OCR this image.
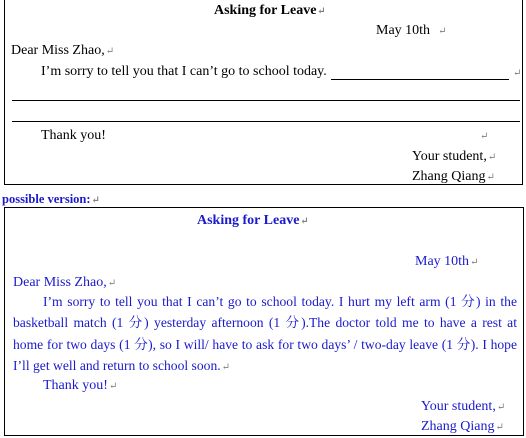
Asking for Leave↵
May 10th ↵
Dear Miss Zhao,↵
I’m sorry to tell you that I can’t go to school today.	↵
Thank you!	↵
Your student,↵
Zhang Qiang↵
possible version:↵
Asking for Leave↵
May 10th↵
Dear Miss Zhao,↵
I’m sorry to tell you that I can’t go to school today. I hurt my left arm (1 分) in the basketball match (1 分) yesterday afternoon (1 分).The doctor told me to have a rest at home for two days (1 分), so I will/ have to ask for two days’ / two-day leave (1 分). I hope I’ll get well and return to school soon.↵
Thank you!↵
Your student,↵
Zhang Qiang↵
